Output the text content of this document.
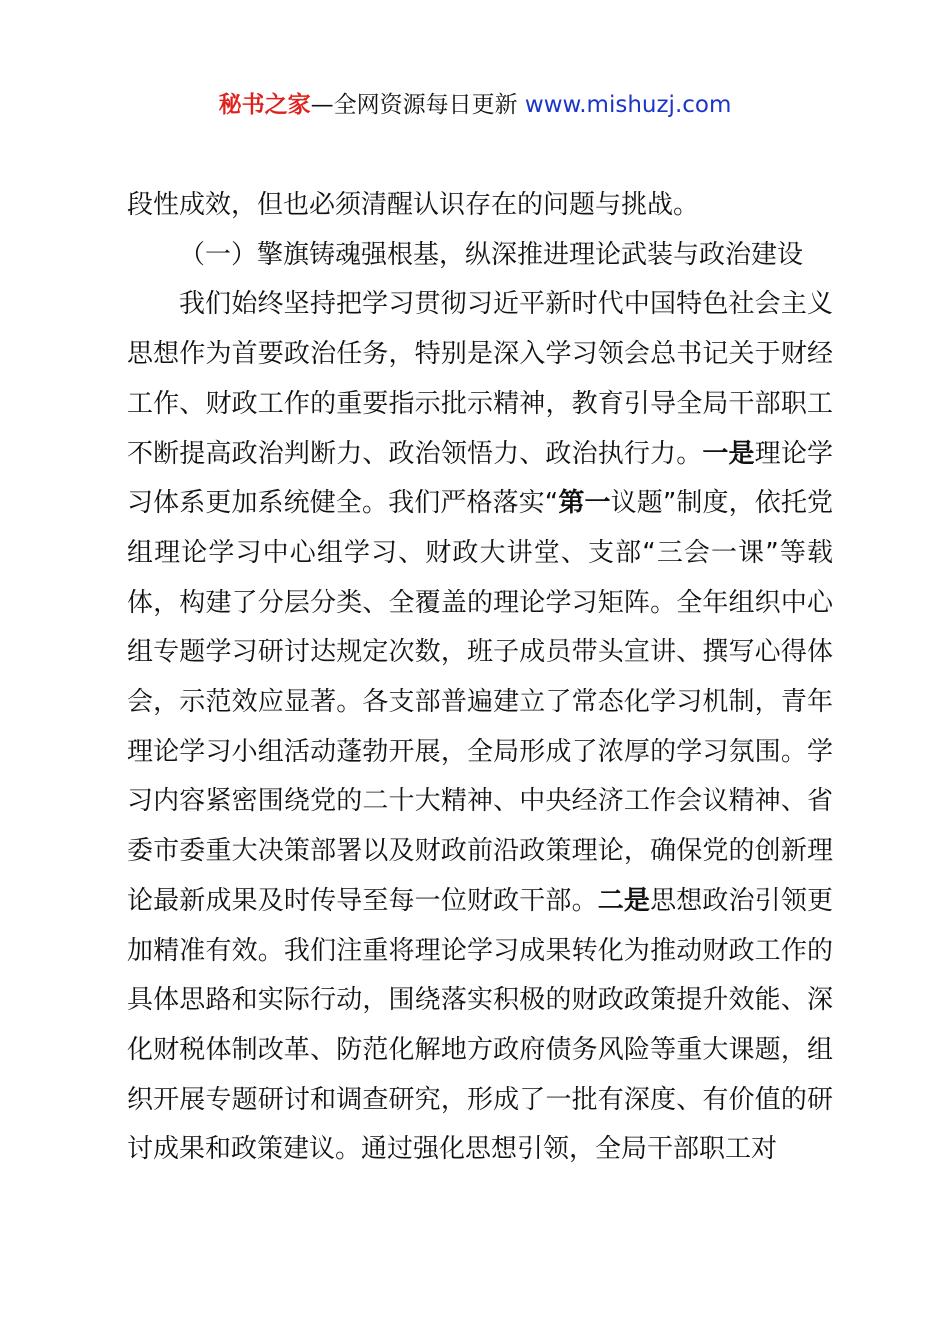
秘书之家—全网资源每日更新 www.mishuzj.com

段性成效，但也必须清醒认识存在的问题与挑战。

（一）擎旗铸魂强根基，纵深推进理论武装与政治建设

我们始终坚持把学习贯彻习近平新时代中国特色社会主义思想作为首要政治任务，特别是深入学习领会总书记关于财经工作、财政工作的重要指示批示精神，教育引导全局干部职工不断提高政治判断力、政治领悟力、政治执行力。一是理论学习体系更加系统健全。我们严格落实“第一议题”制度，依托党组理论学习中心组学习、财政大讲堂、支部“三会一课”等载体，构建了分层分类、全覆盖的理论学习矩阵。全年组织中心组专题学习研讨达规定次数，班子成员带头宣讲、撰写心得体会，示范效应显著。各支部普遍建立了常态化学习机制，青年理论学习小组活动蓬勃开展，全局形成了浓厚的学习氛围。学习内容紧密围绕党的二十大精神、中央经济工作会议精神、省委市委重大决策部署以及财政前沿政策理论，确保党的创新理论最新成果及时传导至每一位财政干部。二是思想政治引领更加精准有效。我们注重将理论学习成果转化为推动财政工作的具体思路和实际行动，围绕落实积极的财政政策提升效能、深化财税体制改革、防范化解地方政府债务风险等重大课题，组织开展专题研讨和调查研究，形成了一批有深度、有价值的研讨成果和政策建议。通过强化思想引领，全局干部职工对
